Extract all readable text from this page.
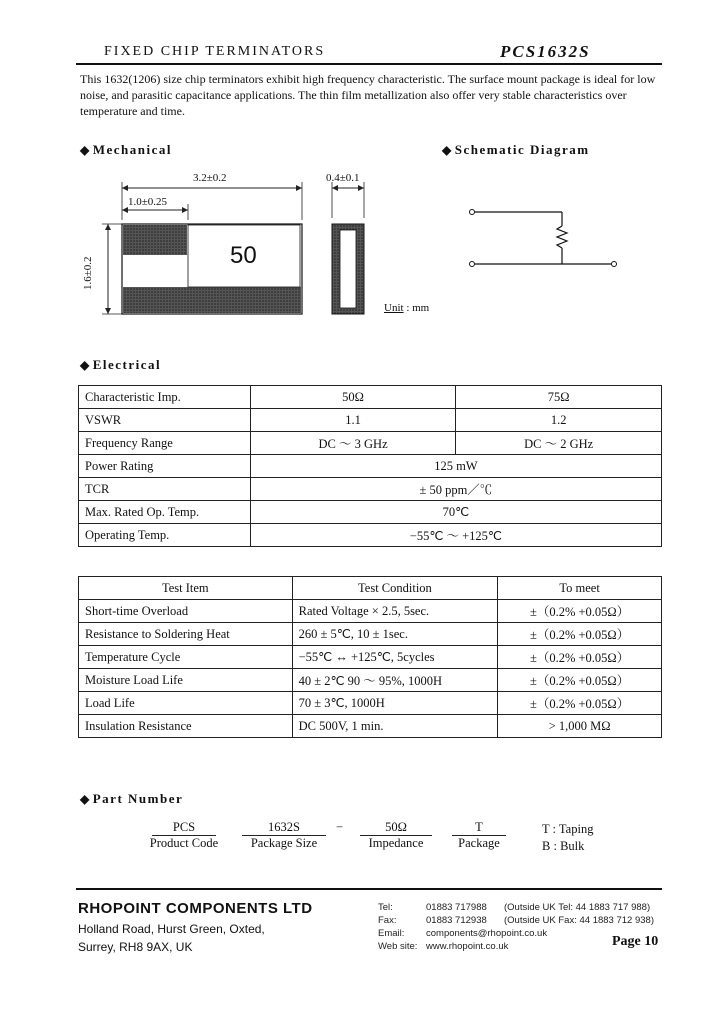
FIXED CHIP TERMINATORS	PCS1632S
This 1632(1206) size chip terminators exhibit high frequency characteristic. The surface mount package is ideal for low noise, and parasitic capacitance applications. The thin film metallization also offer very stable characteristics over temperature and time.
◆ Mechanical	◆ Schematic Diagram
3.2±0.2
1.0±0.25
1.6±0.2
0.4±0.1
50
Unit : mm
◆ Electrical
Characteristic Imp.	50Ω	75Ω
VSWR	1.1	1.2
Frequency Range	DC ～ 3 GHz	DC ～ 2 GHz
Power Rating	125 mW	
TCR	± 50 ppm／℃	
Max. Rated Op. Temp.	70℃	
Operating Temp.	−55℃ ～ +125℃	
Test Item	Test Condition	To meet
Short-time Overload	Rated Voltage × 2.5, 5sec.	±（0.2% +0.05Ω）
Resistance to Soldering Heat	260 ± 5℃, 10 ± 1sec.	±（0.2% +0.05Ω）
Temperature Cycle	−55℃ ↔ +125℃, 5cycles	±（0.2% +0.05Ω）
Moisture Load Life	40 ± 2℃ 90 ～ 95%, 1000H	±（0.2% +0.05Ω）
Load Life	70 ± 3℃, 1000H	±（0.2% +0.05Ω）
Insulation Resistance	DC 500V, 1 min.	> 1,000 MΩ
◆ Part Number
PCS
Product Code
1632S
Package Size
−	50Ω
Impedance
T
Package
T : Taping
B : Bulk
RHOPOINT COMPONENTS LTD
Holland Road, Hurst Green, Oxted,
Surrey, RH8 9AX, UK
Tel:	01883 717988 (Outside UK Tel: 44 1883 717 988)
Fax:	01883 712938 (Outside UK Fax: 44 1883 712 938)
Email: components@rhopoint.co.uk
Web site: www.rhopoint.co.uk	Page 10
